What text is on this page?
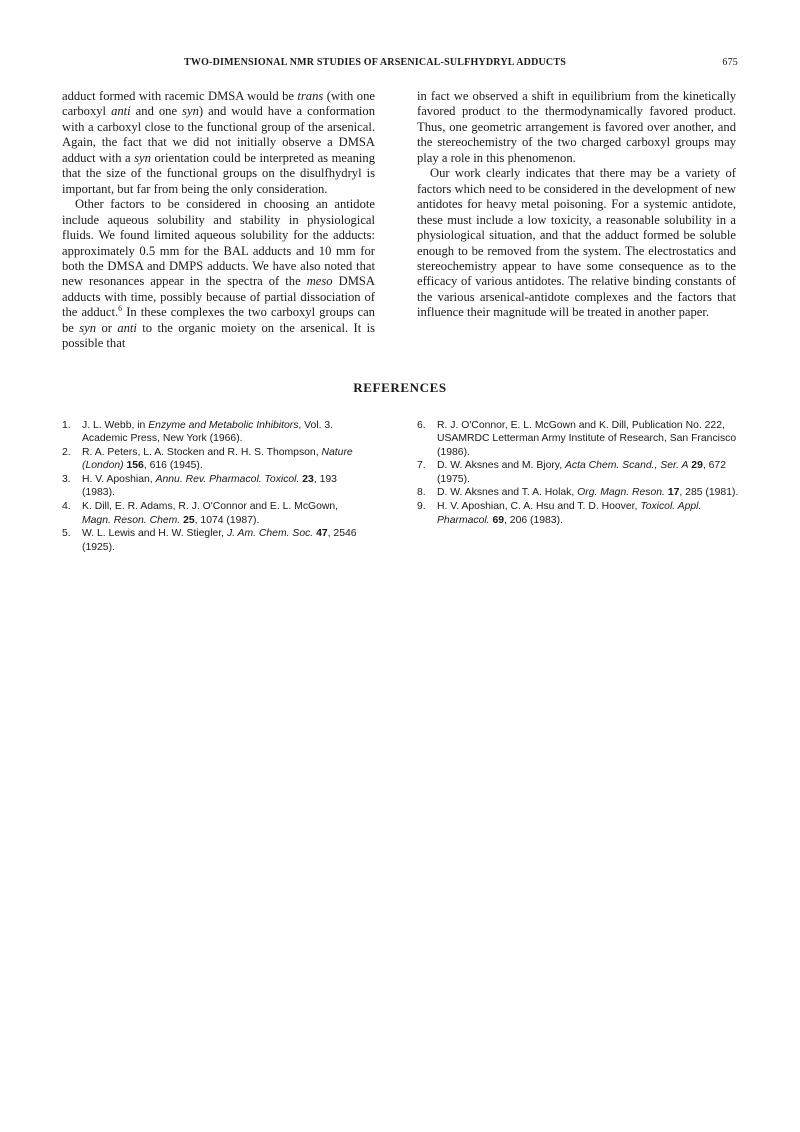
TWO-DIMENSIONAL NMR STUDIES OF ARSENICAL-SULFHYDRYL ADDUCTS	675

adduct formed with racemic DMSA would be trans (with one carboxyl anti and one syn) and would have a conformation with a carboxyl close to the functional group of the arsenical. Again, the fact that we did not initially observe a DMSA adduct with a syn orientation could be interpreted as meaning that the size of the functional groups on the disulfhydryl is important, but far from being the only consideration.

Other factors to be considered in choosing an antidote include aqueous solubility and stability in physiological fluids. We found limited aqueous solubility for the adducts: approximately 0.5 mm for the BAL adducts and 10 mm for both the DMSA and DMPS adducts. We have also noted that new resonances appear in the spectra of the meso DMSA adducts with time, possibly because of partial dissociation of the adduct.$^6$ In these complexes the two carboxyl groups can be syn or anti to the organic moiety on the arsenical. It is possible that

in fact we observed a shift in equilibrium from the kinetically favored product to the thermodynamically favored product. Thus, one geometric arrangement is favored over another, and the stereochemistry of the two charged carboxyl groups may play a role in this phenomenon.

Our work clearly indicates that there may be a variety of factors which need to be considered in the development of new antidotes for heavy metal poisoning. For a systemic antidote, these must include a low toxicity, a reasonable solubility in a physiological situation, and that the adduct formed be soluble enough to be removed from the system. The electrostatics and stereochemistry appear to have some consequence as to the efficacy of various antidotes. The relative binding constants of the various arsenical-antidote complexes and the factors that influence their magnitude will be treated in another paper.

REFERENCES
1.	J. L. Webb, in Enzyme and Metabolic Inhibitors, Vol. 3. Academic Press, New York (1966).
2.	R. A. Peters, L. A. Stocken and R. H. S. Thompson, Nature (London) 156, 616 (1945).
3.	H. V. Aposhian, Annu. Rev. Pharmacol. Toxicol. 23, 193 (1983).
4.	K. Dill, E. R. Adams, R. J. O'Connor and E. L. McGown, Magn. Reson. Chem. 25, 1074 (1987).
5.	W. L. Lewis and H. W. Stiegler, J. Am. Chem. Soc. 47, 2546 (1925).
6.	R. J. O'Connor, E. L. McGown and K. Dill, Publication No. 222, USAMRDC Letterman Army Institute of Research, San Francisco (1986).
7.	D. W. Aksnes and M. Bjory, Acta Chem. Scand., Ser. A 29, 672 (1975).
8.	D. W. Aksnes and T. A. Holak, Org. Magn. Reson. 17, 285 (1981).
9.	H. V. Aposhian, C. A. Hsu and T. D. Hoover, Toxicol. Appl. Pharmacol. 69, 206 (1983).
